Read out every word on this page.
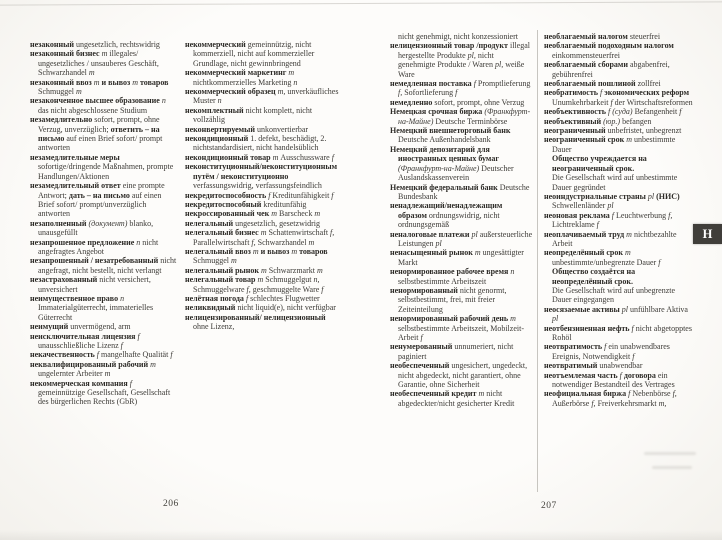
незаконный ungesetzlich, rechtswidrig
незаконный бизнес m illegales/ ungesetzliches / unsauberes Geschäft, Schwarzhandel m
незаконный ввоз m и вывоз m товаров Schmuggel m
незаконченное высшее образование n das nicht abgeschlossene Studium
незамедлительно sofort, prompt, ohne Verzug, unverzüglich; ответить – на письмо auf einen Brief sofort/ prompt antworten
незамедлительные меры sofortige/dringende Maßnahmen, prompte Handlungen/Aktionen
незамедлительный ответ eine prompte Antwort; дать – на письмо auf einen Brief sofort/ prompt/unverzüglich antworten
незаполненный (документ) blanko, unausgefüllt
незапрошенное предложение n nicht angefragtes Angebot
незапрошенный / незатребованный nicht angefragt, nicht bestellt, nicht verlangt
незастрахованный nicht versichert, unversichert
неимущественное право n Immaterialgüterrecht, immaterielles Güterrecht
неимущий unvermögend, arm
неисключительная лицензия f unausschließliche Lizenz f
некачественность f mangelhafte Qualität f
неквалифицированный рабочий m ungelernter Arbeiter m
некоммерческая компания f gemeinnützige Gesellschaft, Gesellschaft des bürgerlichen Rechts (GbR)
некоммерческий gemeinnützig, nicht kommerziell, nicht auf kommerzieller Grundlage, nicht gewinnbringend
некоммерческий маркетинг m nichtkommerzielles Marketing n
некоммерческий образец m, unverkäufliches Muster n
некомплектный nicht komplett, nicht vollzählig
неконвертируемый unkonvertierbar
некондиционный 1. defekt, beschädigt, 2. nichtstandardisiert, nicht handelsüblich
некондиционный товар m Ausschussware f
неконституционный/неконституционным путём / неконституционно verfassungswidrig, verfassungsfeindlich
некредитоспособность f Kreditunfähigkeit f
некредитоспособный kreditunfähig
некроссированный чек m Barscheck m
нелегальный ungesetzlich, gesetzwidrig
нелегальный бизнес m Schattenwirtschaft f, Parallelwirtschaft f, Schwarzhandel m
нелегальный ввоз m и вывоз m товаров Schmuggel m
нелегальный рынок m Schwarzmarkt m
нелегальный товар m Schmuggelgut n, Schmuggelware f, geschmuggelte Ware f
нелётная погода f schlechtes Flugwetter
неликвидный nicht liquid(e), nicht verfügbar
нелицензированный/ нелицензионный ohne Lizenz,
206
nicht genehmigt, nicht konzessioniert
нелицензионный товар /продукт illegal hergestellte Produkte pl, nicht genehmigte Produkte / Waren pl, weiße Ware
немедленная поставка f Promptlieferung f, Sofortlieferung f
немедленно sofort, prompt, ohne Verzug
Немецкая срочная биржа (Франкфурт-на-Майне) Deutsche Terminbörse
Немецкий внешнеторговый банк Deutsche Außenhandelsbank
Немецкий депозитарий для иностранных ценных бумаг (Франкфурт-на-Майне) Deutscher Auslandskassenverein
Немецкий федеральный банк Deutsche Bundesbank
ненадлежащий/ненадлежащим образом ordnungswidrig, nicht ordnungsgemäß
неналоговые платежи pl außersteuerliche Leistungen pl
ненасыщенный рынок m ungesättigter Markt
ненормированное рабочее время n selbstbestimmte Arbeitszeit
ненормированный nicht genormt, selbstbestimmt, frei, mit freier Zeiteinteilung
ненормированный рабочий день m selbstbestimmte Arbeitszeit, Mobilzeit-Arbeit f
ненумерованный unnumeriert, nicht paginiert
необеспеченный ungesichert, ungedeckt, nicht abgedeckt, nicht garantiert, ohne Garantie, ohne Sicherheit
необеспеченный кредит m nicht abgedeckter/nicht gesicherter Kredit
необлагаемый налогом steuerfrei
необлагаемый подоходным налогом einkommensteuerfrei
необлагаемый сборами abgabenfrei, gebührenfrei
необлагаемый пошлиной zollfrei
необратимость f экономических реформ Unumkehrbarkeit f der Wirtschaftsreformen
необъективность f (суда) Befangenheit f
необъективный (юр.) befangen
неограниченный unbefristet, unbegrenzt
неограниченный срок m unbestimmte Dauer
Общество учреждается на неограниченный срок.
Die Gesellschaft wird auf unbestimmte Dauer gegründet
неоиндустриальные страны pl (НИС) Schwellenländer pl
неоновая реклама f Leuchtwerbung f, Lichtreklame f
неоплачиваемый труд m nichtbezahlte Arbeit
неопределённый срок m unbestimmte/unbegrenzte Dauer f
Общество создаётся на неопределённый срок.
Die Gesellschaft wird auf unbegrenzte Dauer eingegangen
неосязаемые активы pl unfühlbare Aktiva pl
неотбензиненная нефть f nicht abgetopptes Rohöl
неотвратимость f ein unabwendbares Ereignis, Notwendigkeit f
неотвратимый unabwendbar
неотъемлемая часть f договора ein notwendiger Bestandteil des Vertrages
неофициальная биржа f Nebenbörse f, Außerbörse f, Freiverkehrsmarkt m,
207
H
